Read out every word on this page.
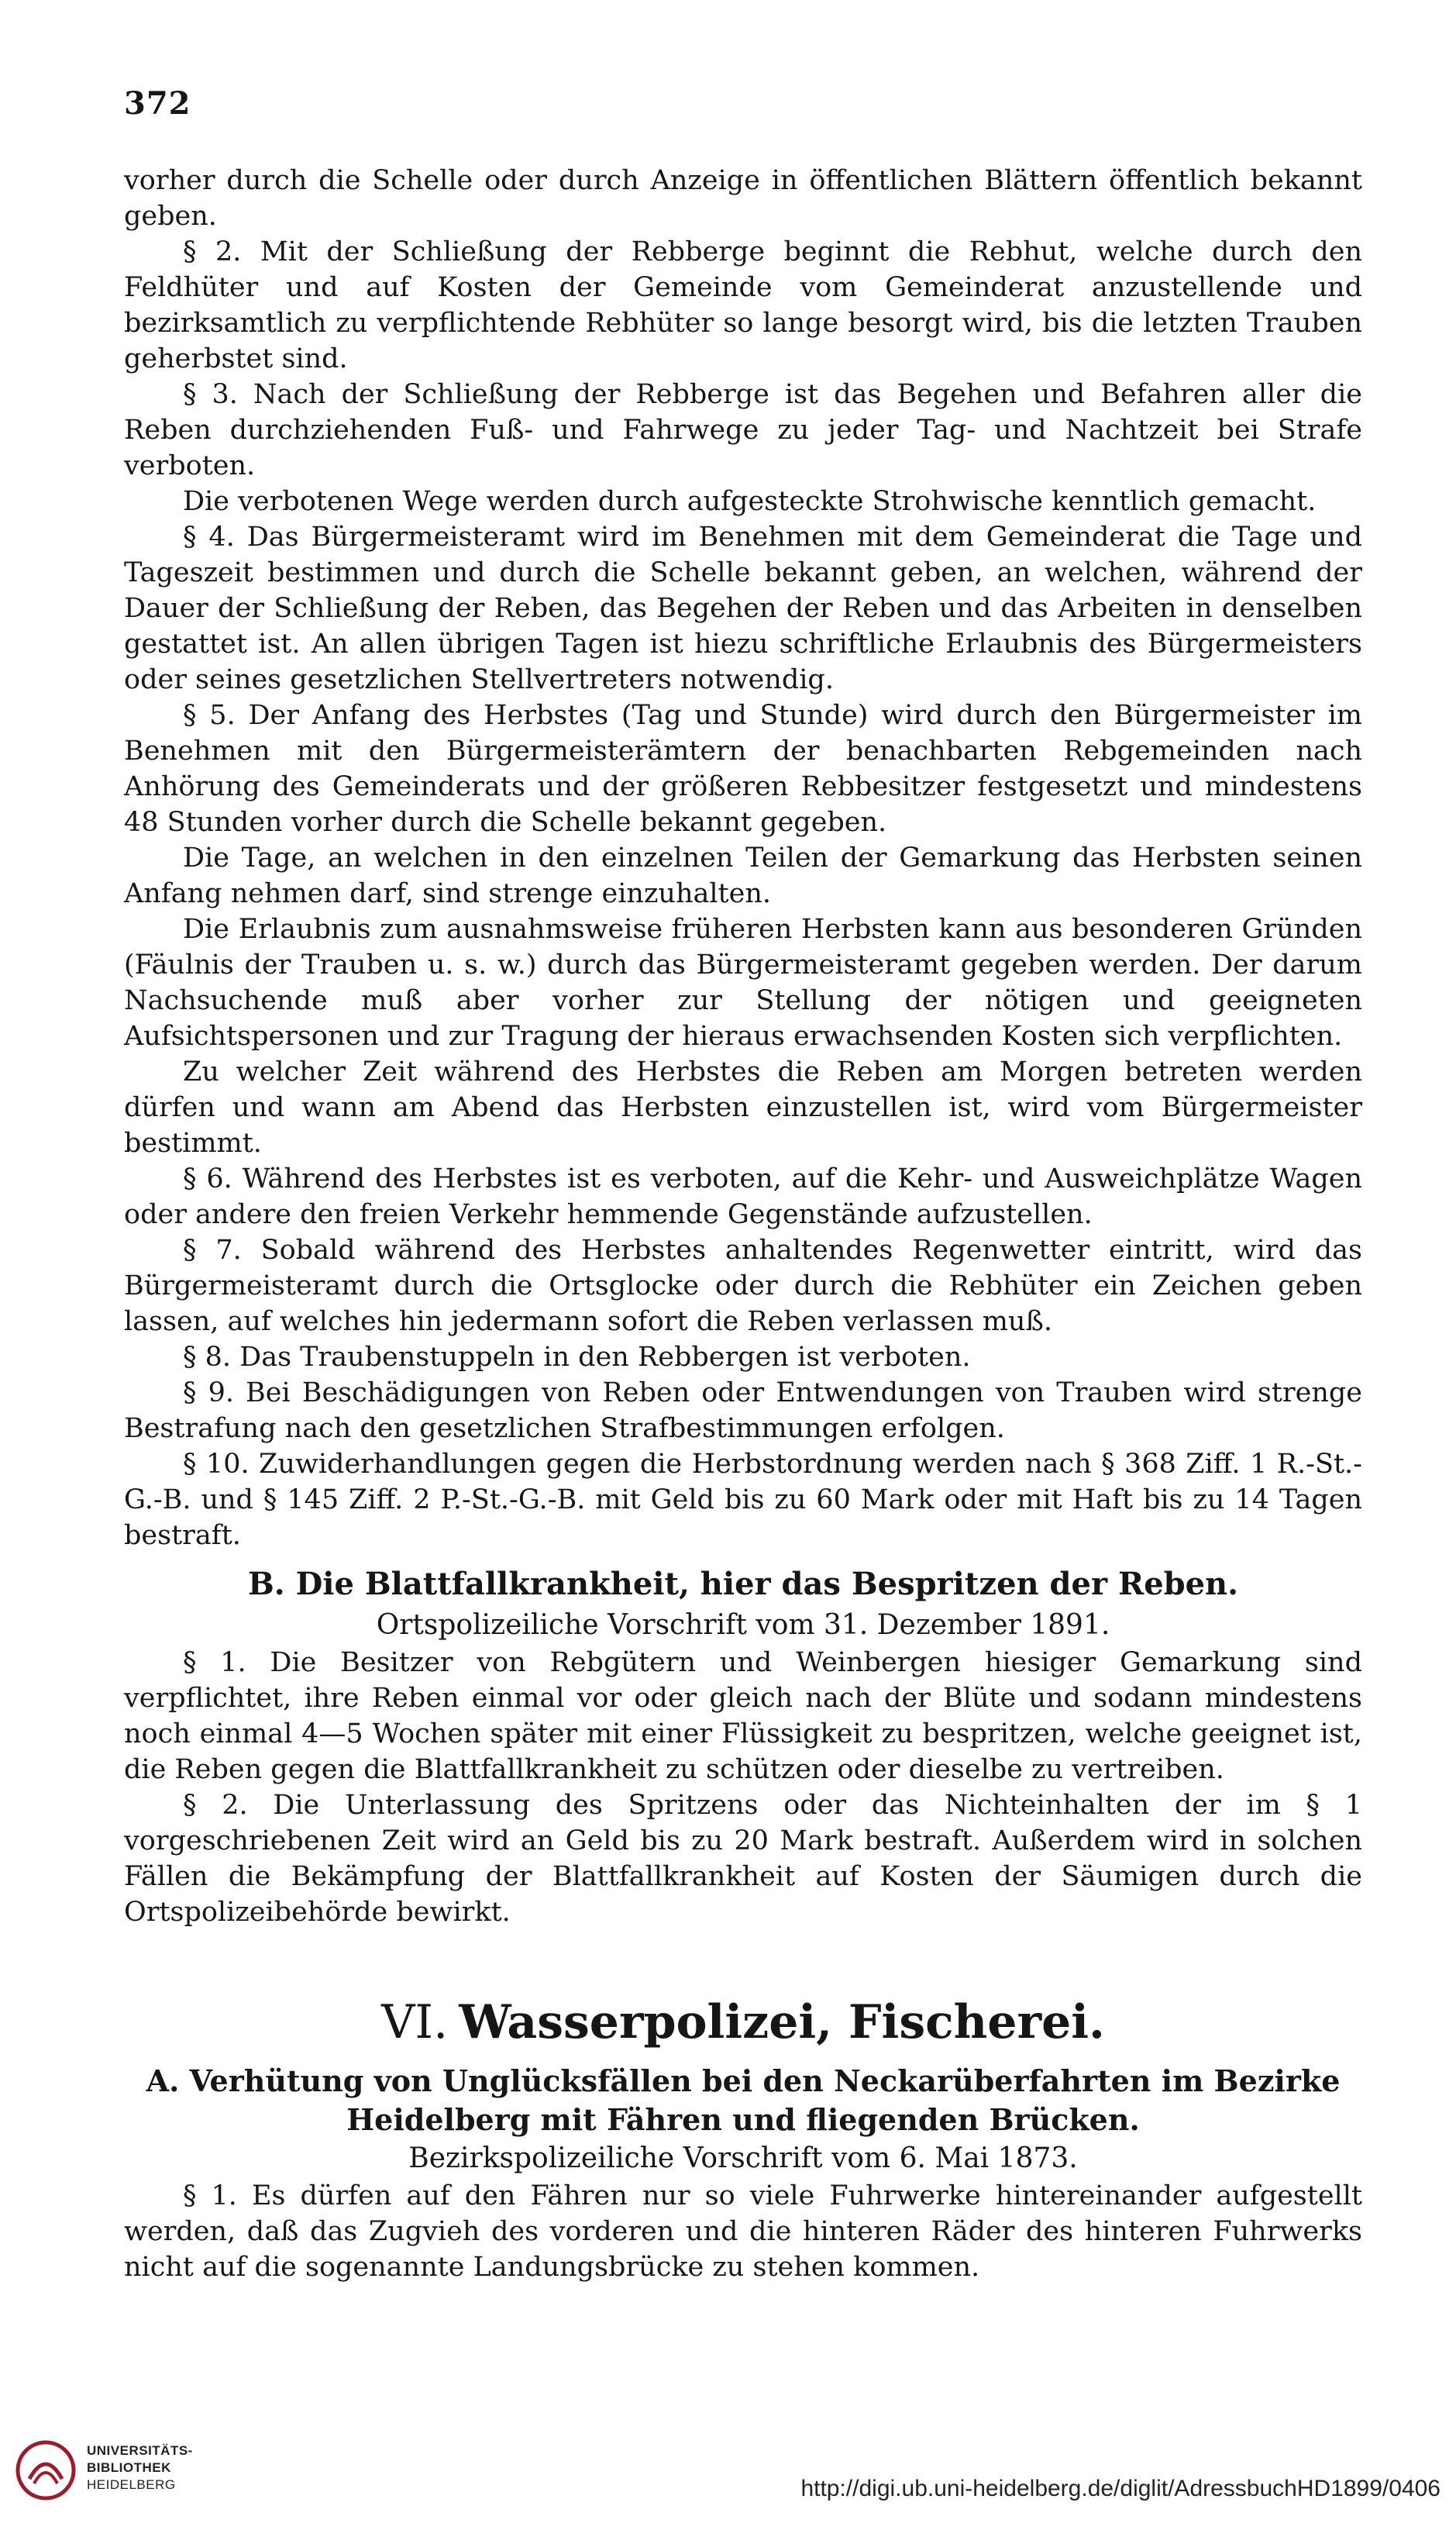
372

vorher durch die Schelle oder durch Anzeige in öffentlichen Blättern öffentlich bekannt geben.

§ 2. Mit der Schließung der Rebberge beginnt die Rebhut, welche durch den Feldhüter und auf Kosten der Gemeinde vom Gemeinderat anzustellende und bezirksamtlich zu verpflichtende Rebhüter so lange besorgt wird, bis die letzten Trauben geherbstet sind.

§ 3. Nach der Schließung der Rebberge ist das Begehen und Befahren aller die Reben durchziehenden Fuß- und Fahrwege zu jeder Tag- und Nachtzeit bei Strafe verboten.

Die verbotenen Wege werden durch aufgesteckte Strohwische kenntlich gemacht.

§ 4. Das Bürgermeisteramt wird im Benehmen mit dem Gemeinderat die Tage und Tageszeit bestimmen und durch die Schelle bekannt geben, an welchen, während der Dauer der Schließung der Reben, das Begehen der Reben und das Arbeiten in denselben gestattet ist. An allen übrigen Tagen ist hiezu schriftliche Erlaubnis des Bürgermeisters oder seines gesetzlichen Stellvertreters notwendig.

§ 5. Der Anfang des Herbstes (Tag und Stunde) wird durch den Bürgermeister im Benehmen mit den Bürgermeisterämtern der benachbarten Rebgemeinden nach Anhörung des Gemeinderats und der größeren Rebbesitzer festgesetzt und mindestens 48 Stunden vorher durch die Schelle bekannt gegeben.

Die Tage, an welchen in den einzelnen Teilen der Gemarkung das Herbsten seinen Anfang nehmen darf, sind strenge einzuhalten.

Die Erlaubnis zum ausnahmsweise früheren Herbsten kann aus besonderen Gründen (Fäulnis der Trauben u. s. w.) durch das Bürgermeisteramt gegeben werden. Der darum Nachsuchende muß aber vorher zur Stellung der nötigen und geeigneten Aufsichtspersonen und zur Tragung der hieraus erwachsenden Kosten sich verpflichten.

Zu welcher Zeit während des Herbstes die Reben am Morgen betreten werden dürfen und wann am Abend das Herbsten einzustellen ist, wird vom Bürgermeister bestimmt.

§ 6. Während des Herbstes ist es verboten, auf die Kehr- und Ausweichplätze Wagen oder andere den freien Verkehr hemmende Gegenstände aufzustellen.

§ 7. Sobald während des Herbstes anhaltendes Regenwetter eintritt, wird das Bürgermeisteramt durch die Ortsglocke oder durch die Rebhüter ein Zeichen geben lassen, auf welches hin jedermann sofort die Reben verlassen muß.

§ 8. Das Traubenstuppeln in den Rebbergen ist verboten.

§ 9. Bei Beschädigungen von Reben oder Entwendungen von Trauben wird strenge Bestrafung nach den gesetzlichen Strafbestimmungen erfolgen.

§ 10. Zuwiderhandlungen gegen die Herbstordnung werden nach § 368 Ziff. 1 R.-St.-G.-B. und § 145 Ziff. 2 P.-St.-G.-B. mit Geld bis zu 60 Mark oder mit Haft bis zu 14 Tagen bestraft.

B. Die Blattfallkrankheit, hier das Bespritzen der Reben.

Ortspolizeiliche Vorschrift vom 31. Dezember 1891.

§ 1. Die Besitzer von Rebgütern und Weinbergen hiesiger Gemarkung sind verpflichtet, ihre Reben einmal vor oder gleich nach der Blüte und sodann mindestens noch einmal 4—5 Wochen später mit einer Flüssigkeit zu bespritzen, welche geeignet ist, die Reben gegen die Blattfallkrankheit zu schützen oder dieselbe zu vertreiben.

§ 2. Die Unterlassung des Spritzens oder das Nichteinhalten der im § 1 vorgeschriebenen Zeit wird an Geld bis zu 20 Mark bestraft. Außerdem wird in solchen Fällen die Bekämpfung der Blattfallkrankheit auf Kosten der Säumigen durch die Ortspolizeibehörde bewirkt.

VI. Wasserpolizei, Fischerei.
A. Verhütung von Unglücksfällen bei den Neckarüberfahrten im Bezirke Heidelberg mit Fähren und fliegenden Brücken.

Bezirkspolizeiliche Vorschrift vom 6. Mai 1873.

§ 1. Es dürfen auf den Fähren nur so viele Fuhrwerke hintereinander aufgestellt werden, daß das Zugvieh des vorderen und die hinteren Räder des hinteren Fuhrwerks nicht auf die sogenannte Landungsbrücke zu stehen kommen.

UNIVERSITÄTS-
BIBLIOTHEK
HEIDELBERG	http://digi.ub.uni-heidelberg.de/diglit/AdressbuchHD1899/0406
